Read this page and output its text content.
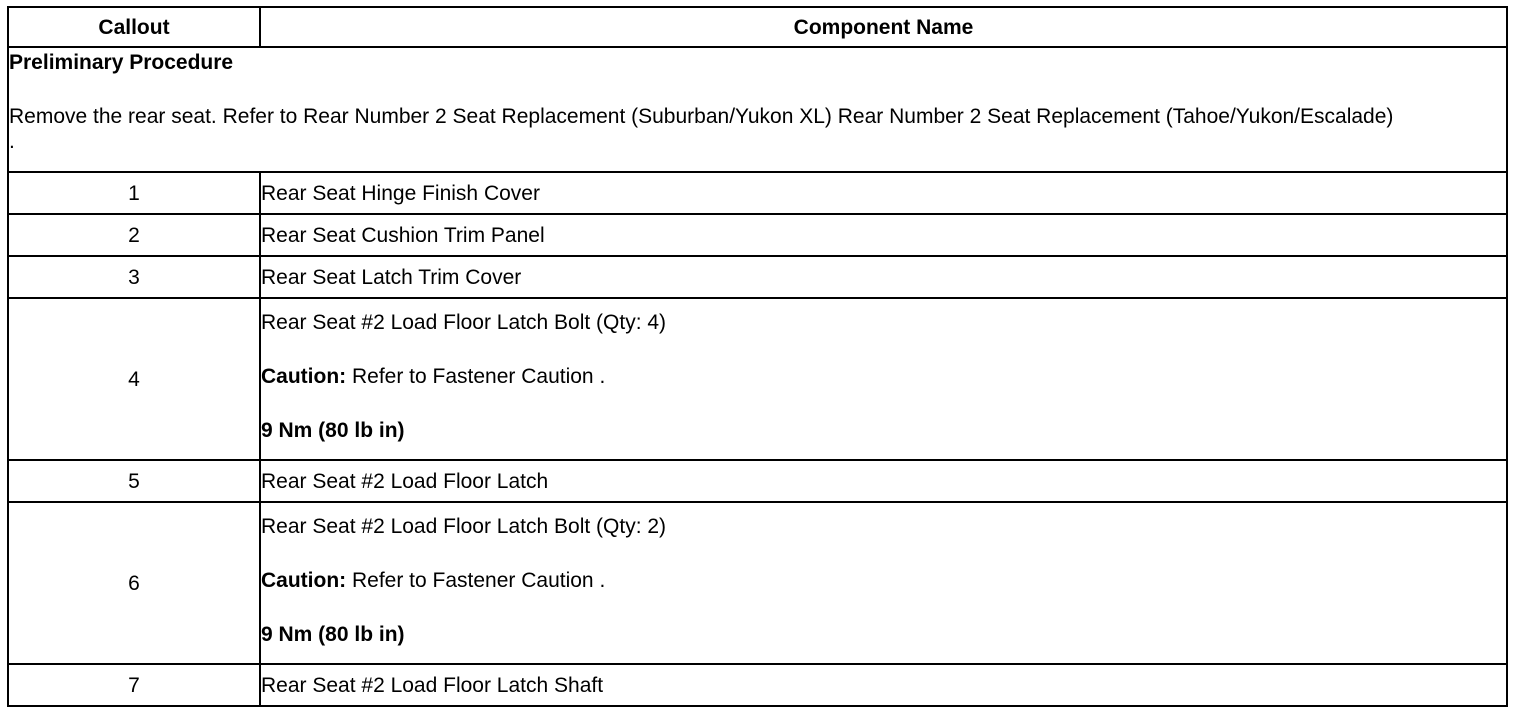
Callout	Component Name

Preliminary Procedure
Remove the rear seat. Refer to Rear Number 2 Seat Replacement (Suburban/Yukon XL) Rear Number 2 Seat Replacement (Tahoe/Yukon/Escalade) .	

1	Rear Seat Hinge Finish Cover
2	Rear Seat Cushion Trim Panel
3	Rear Seat Latch Trim Cover
4	Rear Seat #2 Load Floor Latch Bolt (Qty: 4)
Caution: Refer to Fastener Caution .
9 Nm (80 lb in)

5	Rear Seat #2 Load Floor Latch
6	Rear Seat #2 Load Floor Latch Bolt (Qty: 2)
Caution: Refer to Fastener Caution .
9 Nm (80 lb in)

7	Rear Seat #2 Load Floor Latch Shaft
